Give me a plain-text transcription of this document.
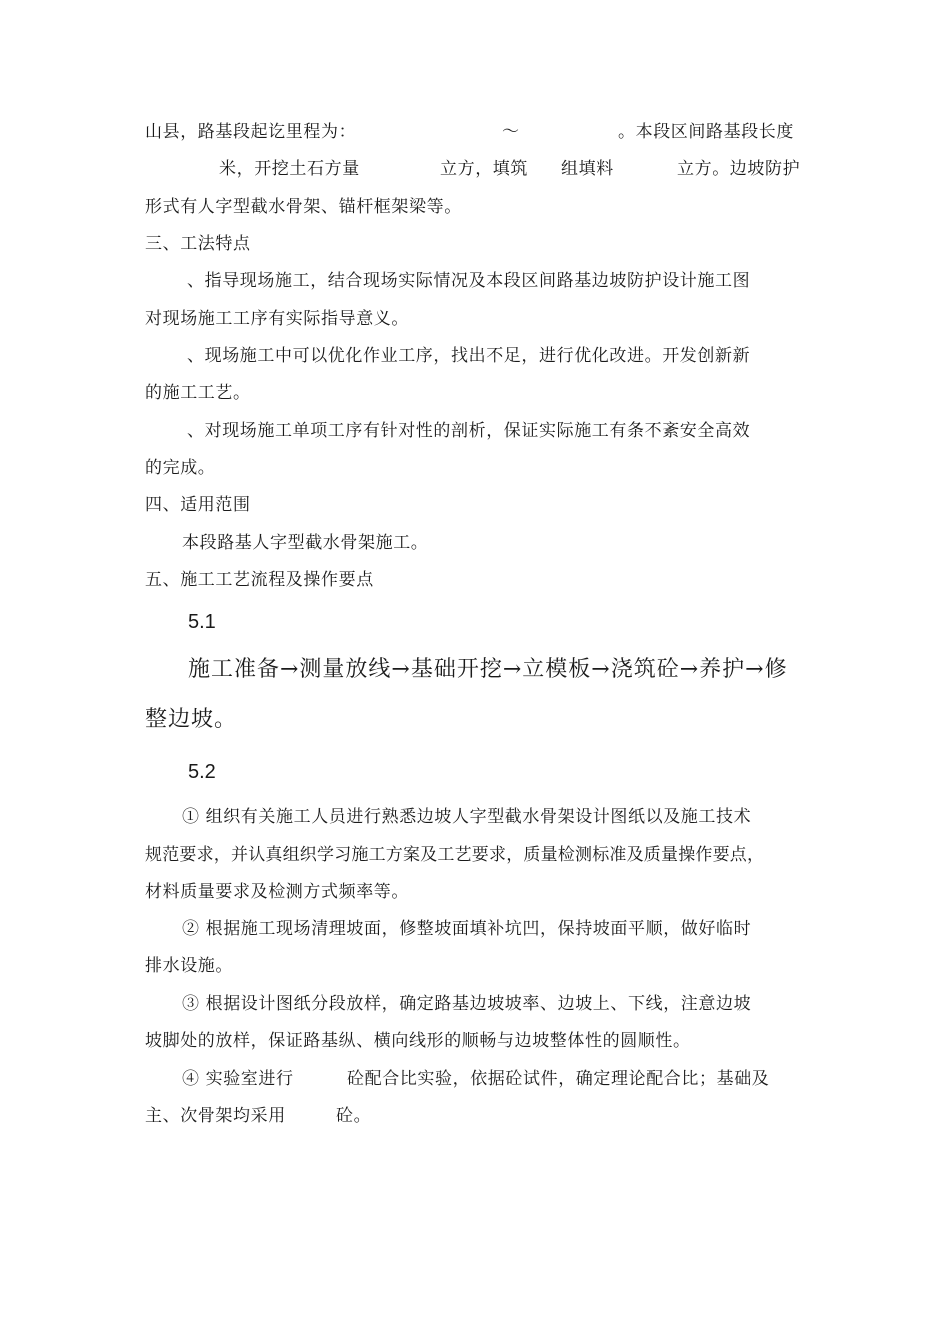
山县，路基段起讫里程为：	～	。本段区间路基段长度
米，开挖土石方量	立方，填筑 组填料	立方。边坡防护
形式有人字型截水骨架、锚杆框架梁等。
三、工法特点
、指导现场施工，结合现场实际情况及本段区间路基边坡防护设计施工图
对现场施工工序有实际指导意义。
、现场施工中可以优化作业工序，找出不足，进行优化改进。开发创新新
的施工工艺。
、对现场施工单项工序有针对性的剖析，保证实际施工有条不紊安全高效
的完成。
四、适用范围
本段路基人字型截水骨架施工。
五、施工工艺流程及操作要点
5.1
施工准备→测量放线→基础开挖→立模板→浇筑砼→养护→修
整边坡。
5.2
① 组织有关施工人员进行熟悉边坡人字型截水骨架设计图纸以及施工技术
规范要求，并认真组织学习施工方案及工艺要求，质量检测标准及质量操作要点，
材料质量要求及检测方式频率等。
② 根据施工现场清理坡面，修整坡面填补坑凹，保持坡面平顺，做好临时
排水设施。
③ 根据设计图纸分段放样，确定路基边坡坡率、边坡上、下线，注意边坡
坡脚处的放样，保证路基纵、横向线形的顺畅与边坡整体性的圆顺性。
④ 实验室进行	砼配合比实验，依据砼试件，确定理论配合比；基础及
主、次骨架均采用	砼。
